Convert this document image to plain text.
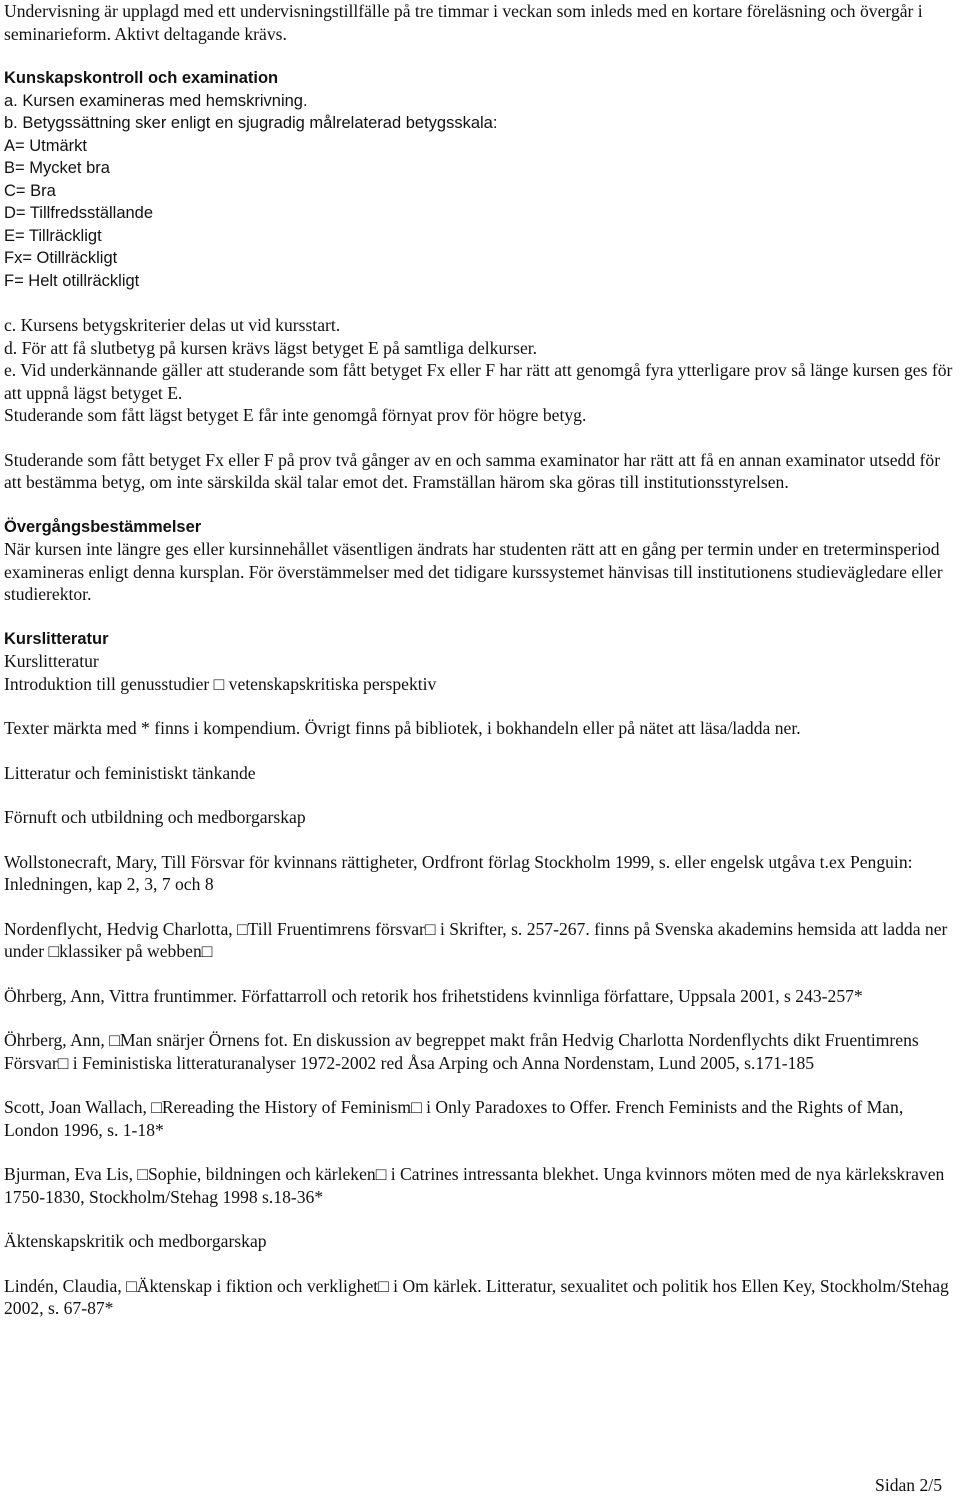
Undervisning är upplagd med ett undervisningstillfälle på tre timmar i veckan som inleds med en kortare föreläsning och övergår i seminarieform. Aktivt deltagande krävs.

Kunskapskontroll och examination

a. Kursen examineras med hemskrivning.

b. Betygssättning sker enligt en sjugradig målrelaterad betygsskala:

A= Utmärkt

B= Mycket bra

C= Bra

D= Tillfredsställande

E= Tillräckligt

Fx= Otillräckligt

F= Helt otillräckligt

c. Kursens betygskriterier delas ut vid kursstart.

d. För att få slutbetyg på kursen krävs lägst betyget E på samtliga delkurser.

e. Vid underkännande gäller att studerande som fått betyget Fx eller F har rätt att genomgå fyra ytterligare prov så länge kursen ges för att uppnå lägst betyget E.

Studerande som fått lägst betyget E får inte genomgå förnyat prov för högre betyg.

Studerande som fått betyget Fx eller F på prov två gånger av en och samma examinator har rätt att få en annan examinator utsedd för att bestämma betyg, om inte särskilda skäl talar emot det. Framställan härom ska göras till institutionsstyrelsen.

Övergångsbestämmelser

När kursen inte längre ges eller kursinnehållet väsentligen ändrats har studenten rätt att en gång per termin under en treterminsperiod examineras enligt denna kursplan. För överstämmelser med det tidigare kurssystemet hänvisas till institutionens studievägledare eller studierektor.

Kurslitteratur

Kurslitteratur

Introduktion till genusstudier □ vetenskapskritiska perspektiv

Texter märkta med * finns i kompendium. Övrigt finns på bibliotek, i bokhandeln eller på nätet att läsa/ladda ner.

Litteratur och feministiskt tänkande

Förnuft och utbildning och medborgarskap

Wollstonecraft, Mary, Till Försvar för kvinnans rättigheter, Ordfront förlag Stockholm 1999, s. eller engelsk utgåva t.ex Penguin: Inledningen, kap 2, 3, 7 och 8

Nordenflycht, Hedvig Charlotta, □Till Fruentimrens försvar□ i Skrifter, s. 257-267. finns på Svenska akademins hemsida att ladda ner under □klassiker på webben□

Öhrberg, Ann, Vittra fruntimmer. Författarroll och retorik hos frihetstidens kvinnliga författare, Uppsala 2001, s 243-257*

Öhrberg, Ann, □Man snärjer Örnens fot. En diskussion av begreppet makt från Hedvig Charlotta Nordenflychts dikt Fruentimrens Försvar□ i Feministiska litteraturanalyser 1972-2002 red Åsa Arping och Anna Nordenstam, Lund 2005, s.171-185

Scott, Joan Wallach, □Rereading the History of Feminism□ i Only Paradoxes to Offer. French Feminists and the Rights of Man, London 1996, s. 1-18*

Bjurman, Eva Lis, □Sophie, bildningen och kärleken□ i Catrines intressanta blekhet. Unga kvinnors möten med de nya kärlekskraven 1750-1830, Stockholm/Stehag 1998 s.18-36*

Äktenskapskritik och medborgarskap

Lindén, Claudia, □Äktenskap i fiktion och verklighet□ i Om kärlek. Litteratur, sexualitet och politik hos Ellen Key, Stockholm/Stehag 2002, s. 67-87*

Sidan 2/5
